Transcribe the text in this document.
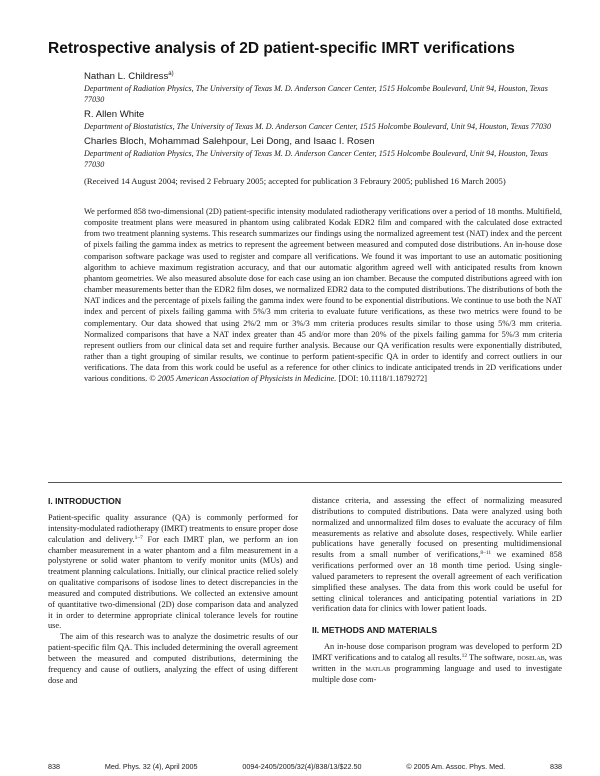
Retrospective analysis of 2D patient-specific IMRT verifications
Nathan L. Childress$^{a)}$
Department of Radiation Physics, The University of Texas M. D. Anderson Cancer Center, 1515 Holcombe Boulevard, Unit 94, Houston, Texas 77030
R. Allen White
Department of Biostatistics, The University of Texas M. D. Anderson Cancer Center, 1515 Holcombe Boulevard, Unit 94, Houston, Texas 77030
Charles Bloch, Mohammad Salehpour, Lei Dong, and Isaac I. Rosen
Department of Radiation Physics, The University of Texas M. D. Anderson Cancer Center, 1515 Holcombe Boulevard, Unit 94, Houston, Texas 77030
(Received 14 August 2004; revised 2 February 2005; accepted for publication 3 Febraury 2005; published 16 March 2005)
We performed 858 two-dimensional (2D) patient-specific intensity modulated radiotherapy verifications over a period of 18 months. Multifield, composite treatment plans were measured in phantom using calibrated Kodak EDR2 film and compared with the calculated dose extracted from two treatment planning systems. This research summarizes our findings using the normalized agreement test (NAT) index and the percent of pixels failing the gamma index as metrics to represent the agreement between measured and computed dose distributions. An in-house dose comparison software package was used to register and compare all verifications. We found it was important to use an automatic positioning algorithm to achieve maximum registration accuracy, and that our automatic algorithm agreed well with anticipated results from known phantom geometries. We also measured absolute dose for each case using an ion chamber. Because the computed distributions agreed with ion chamber measurements better than the EDR2 film doses, we normalized EDR2 data to the computed distributions. The distributions of both the NAT indices and the percentage of pixels failing the gamma index were found to be exponential distributions. We continue to use both the NAT index and percent of pixels failing gamma with 5%/3 mm criteria to evaluate future verifications, as these two metrics were found to be complementary. Our data showed that using 2%/2 mm or 3%/3 mm criteria produces results similar to those using 5%/3 mm criteria. Normalized comparisons that have a NAT index greater than 45 and/or more than 20% of the pixels failing gamma for 5%/3 mm criteria represent outliers from our clinical data set and require further analysis. Because our QA verification results were exponentially distributed, rather than a tight grouping of similar results, we continue to perform patient-specific QA in order to identify and correct outliers in our verifications. The data from this work could be useful as a reference for other clinics to indicate anticipated trends in 2D verifications under various conditions. © 2005 American Association of Physicists in Medicine. [DOI: 10.1118/1.1879272]
I. INTRODUCTION

Patient-specific quality assurance (QA) is commonly performed for intensity-modulated radiotherapy (IMRT) treatments to ensure proper dose calculation and delivery.$^{1-7}$ For each IMRT plan, we perform an ion chamber measurement in a water phantom and a film measurement in a polystyrene or solid water phantom to verify monitor units (MUs) and treatment planning calculations. Initially, our clinical practice relied solely on qualitative comparisons of isodose lines to detect discrepancies in the measured and computed distributions. We collected an extensive amount of quantitative two-dimensional (2D) dose comparison data and analyzed it in order to determine appropriate clinical tolerance levels for routine use.

The aim of this research was to analyze the dosimetric results of our patient-specific film QA. This included determining the overall agreement between the measured and computed distributions, determining the frequency and cause of outliers, analyzing the effect of using different dose and

distance criteria, and assessing the effect of normalizing measured distributions to computed distributions. Data were analyzed using both normalized and unnormalized film doses to evaluate the accuracy of film measurements as relative and absolute doses, respectively. While earlier publications have generally focused on presenting multidimensional results from a small number of verifications,$^{8-11}$ we examined 858 verifications performed over an 18 month time period. Using single-valued parameters to represent the overall agreement of each verification simplified these analyses. The data from this work could be useful for setting clinical tolerances and anticipating potential variations in 2D verification data for clinics with lower patient loads.

II. METHODS AND MATERIALS

An in-house dose comparison program was developed to perform 2D IMRT verifications and to catalog all results.$^{12}$ The software, doselab, was written in the matlab programming language and used to investigate multiple dose com-

838	Med. Phys. 32 (4), April 2005	0094-2405/2005/32(4)/838/13/$22.50	© 2005 Am. Assoc. Phys. Med.	838
